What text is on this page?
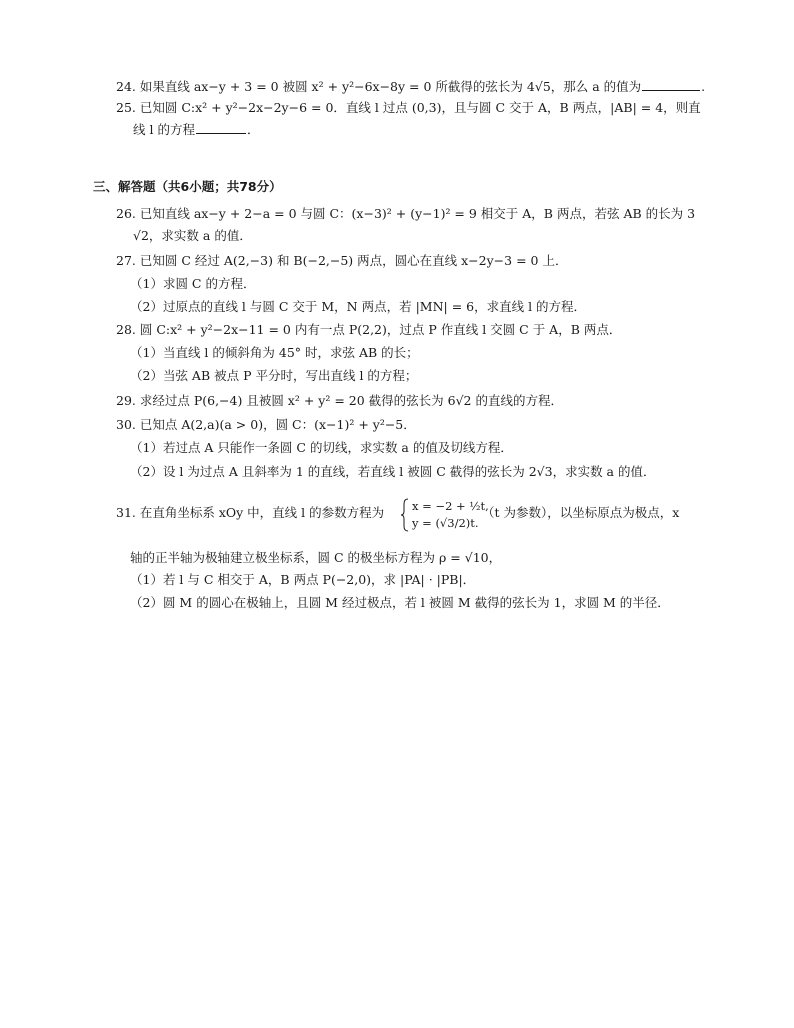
24. 如果直线 ax−y + 3 = 0 被圆 x² + y²−6x−8y = 0 所截得的弦长为 4√5，那么 a 的值为	.
25. 已知圆 C:x² + y²−2x−2y−6 = 0．直线 l 过点 (0,3)，且与圆 C 交于 A，B 两点，|AB| = 4，则直
线 l 的方程	．
三、解答题（共6小题；共78分）
26. 已知直线 ax−y + 2−a = 0 与圆 C：(x−3)² + (y−1)² = 9 相交于 A，B 两点，若弦 AB 的长为 3
√2，求实数 a 的值．
27. 已知圆 C 经过 A(2,−3) 和 B(−2,−5) 两点，圆心在直线 x−2y−3 = 0 上．
（1）求圆 C 的方程．
（2）过原点的直线 l 与圆 C 交于 M，N 两点，若 |MN| = 6，求直线 l 的方程．
28. 圆 C:x² + y²−2x−11 = 0 内有一点 P(2,2)，过点 P 作直线 l 交圆 C 于 A，B 两点．
（1）当直线 l 的倾斜角为 45° 时，求弦 AB 的长；
（2）当弦 AB 被点 P 平分时，写出直线 l 的方程；
29. 求经过点 P(6,−4) 且被圆 x² + y² = 20 截得的弦长为 6√2 的直线的方程．
30. 已知点 A(2,a)(a > 0)，圆 C：(x−1)² + y²−5．
（1）若过点 A 只能作一条圆 C 的切线，求实数 a 的值及切线方程．
（2）设 l 为过点 A 且斜率为 1 的直线，若直线 l 被圆 C 截得的弦长为 2√3，求实数 a 的值．
31. 在直角坐标系 xOy 中，直线 l 的参数方程为 x = −2 + ½t,
y = (√3/2)t.
（t 为参数），以坐标原点为极点，x
轴的正半轴为极轴建立极坐标系，圆 C 的极坐标方程为 ρ = √10，
（1）若 l 与 C 相交于 A，B 两点 P(−2,0)，求 |PA| · |PB|．
（2）圆 M 的圆心在极轴上，且圆 M 经过极点，若 l 被圆 M 截得的弦长为 1，求圆 M 的半径．
